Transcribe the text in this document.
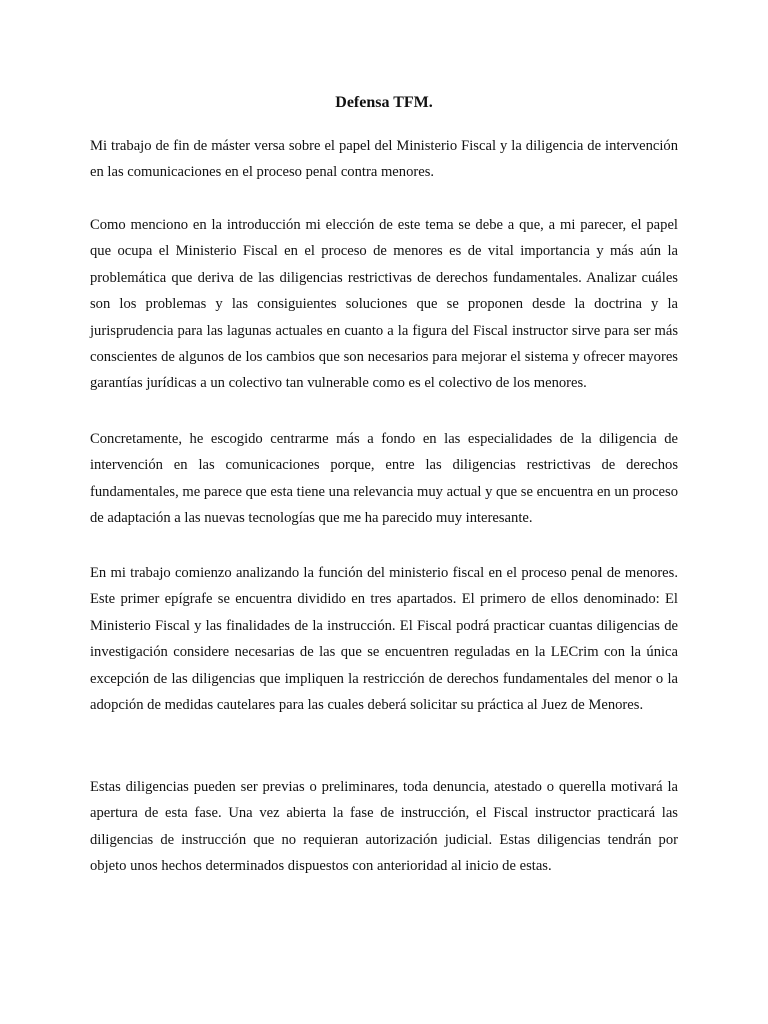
Defensa TFM.

Mi trabajo de fin de máster versa sobre el papel del Ministerio Fiscal y la diligencia de intervención en las comunicaciones en el proceso penal contra menores.

Como menciono en la introducción mi elección de este tema se debe a que, a mi parecer, el papel que ocupa el Ministerio Fiscal en el proceso de menores es de vital importancia y más aún la problemática que deriva de las diligencias restrictivas de derechos fundamentales. Analizar cuáles son los problemas y las consiguientes soluciones que se proponen desde la doctrina y la jurisprudencia para las lagunas actuales en cuanto a la figura del Fiscal instructor sirve para ser más conscientes de algunos de los cambios que son necesarios para mejorar el sistema y ofrecer mayores garantías jurídicas a un colectivo tan vulnerable como es el colectivo de los menores.

Concretamente, he escogido centrarme más a fondo en las especialidades de la diligencia de intervención en las comunicaciones porque, entre las diligencias restrictivas de derechos fundamentales, me parece que esta tiene una relevancia muy actual y que se encuentra en un proceso de adaptación a las nuevas tecnologías que me ha parecido muy interesante.

En mi trabajo comienzo analizando la función del ministerio fiscal en el proceso penal de menores. Este primer epígrafe se encuentra dividido en tres apartados. El primero de ellos denominado: El Ministerio Fiscal y las finalidades de la instrucción. El Fiscal podrá practicar cuantas diligencias de investigación considere necesarias de las que se encuentren reguladas en la LECrim con la única excepción de las diligencias que impliquen la restricción de derechos fundamentales del menor o la adopción de medidas cautelares para las cuales deberá solicitar su práctica al Juez de Menores.

Estas diligencias pueden ser previas o preliminares, toda denuncia, atestado o querella motivará la apertura de esta fase. Una vez abierta la fase de instrucción, el Fiscal instructor practicará las diligencias de instrucción que no requieran autorización judicial. Estas diligencias tendrán por objeto unos hechos determinados dispuestos con anterioridad al inicio de estas.
